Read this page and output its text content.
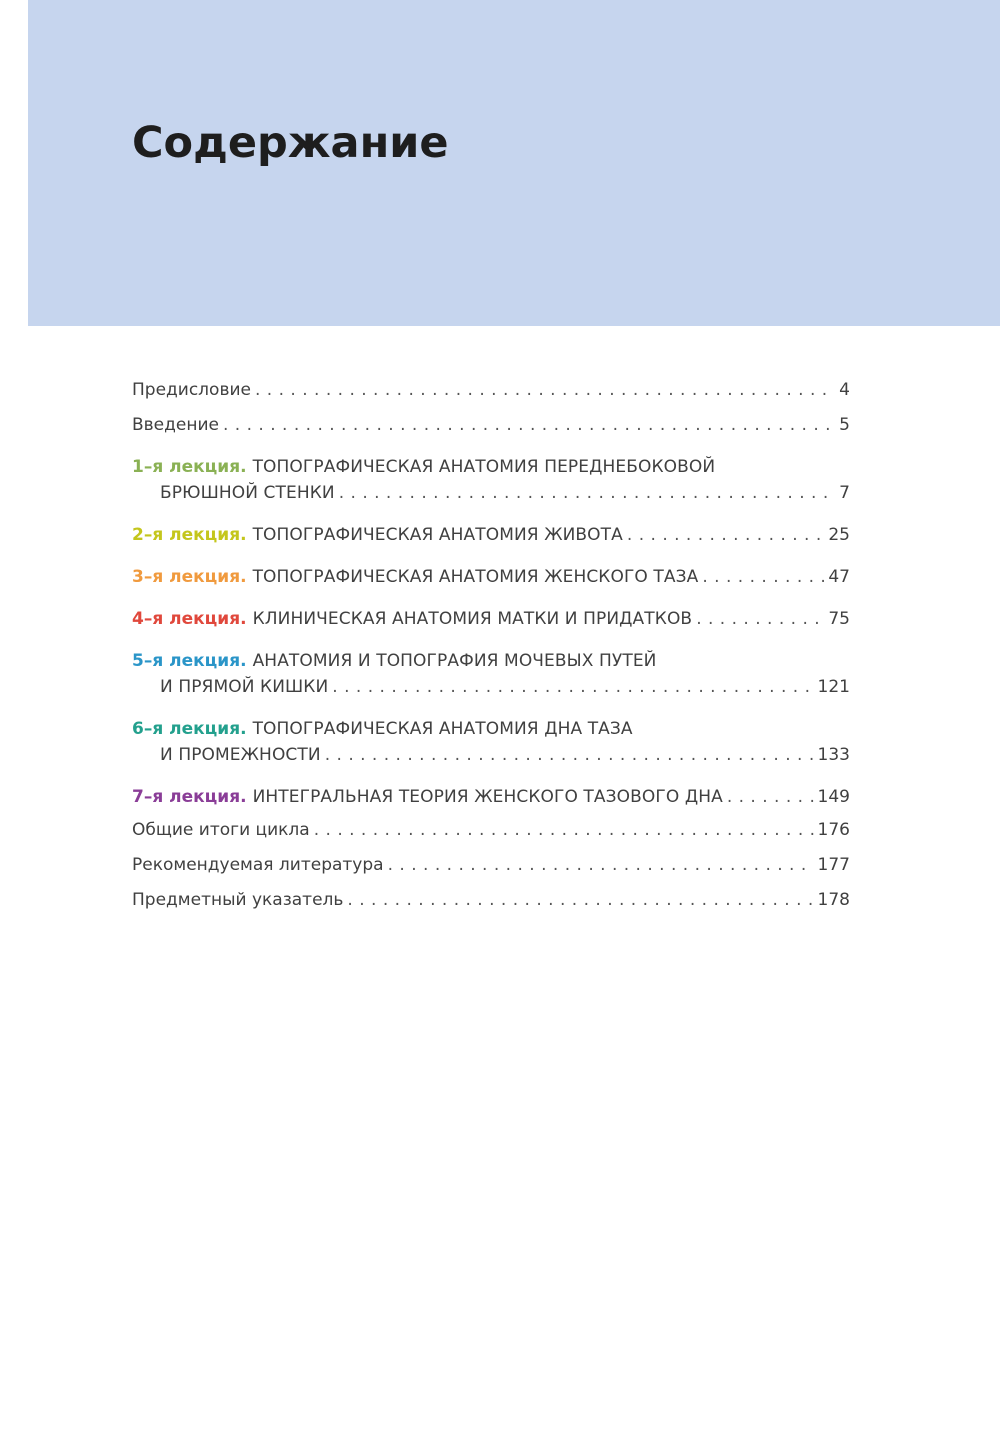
Содержание
Предисловие . . .	4
Введение . . .	5
1–я лекция. ТОПОГРАФИЧЕСКАЯ АНАТОМИЯ ПЕРЕДНЕБОКОВОЙ
БРЮШНОЙ СТЕНКИ . . .	7
2–я лекция. ТОПОГРАФИЧЕСКАЯ АНАТОМИЯ ЖИВОТА . . .	25
3–я лекция. ТОПОГРАФИЧЕСКАЯ АНАТОМИЯ ЖЕНСКОГО ТАЗА . . .	47
4–я лекция. КЛИНИЧЕСКАЯ АНАТОМИЯ МАТКИ И ПРИДАТКОВ . . .	75
5–я лекция. АНАТОМИЯ И ТОПОГРАФИЯ МОЧЕВЫХ ПУТЕЙ
И ПРЯМОЙ КИШКИ . . .	121
6–я лекция. ТОПОГРАФИЧЕСКАЯ АНАТОМИЯ ДНА ТАЗА
И ПРОМЕЖНОСТИ . . .	133
7–я лекция. ИНТЕГРАЛЬНАЯ ТЕОРИЯ ЖЕНСКОГО ТАЗОВОГО ДНА . . .	149
Общие итоги цикла . . .	176
Рекомендуемая литература . . .	177
Предметный указатель . . .	178
